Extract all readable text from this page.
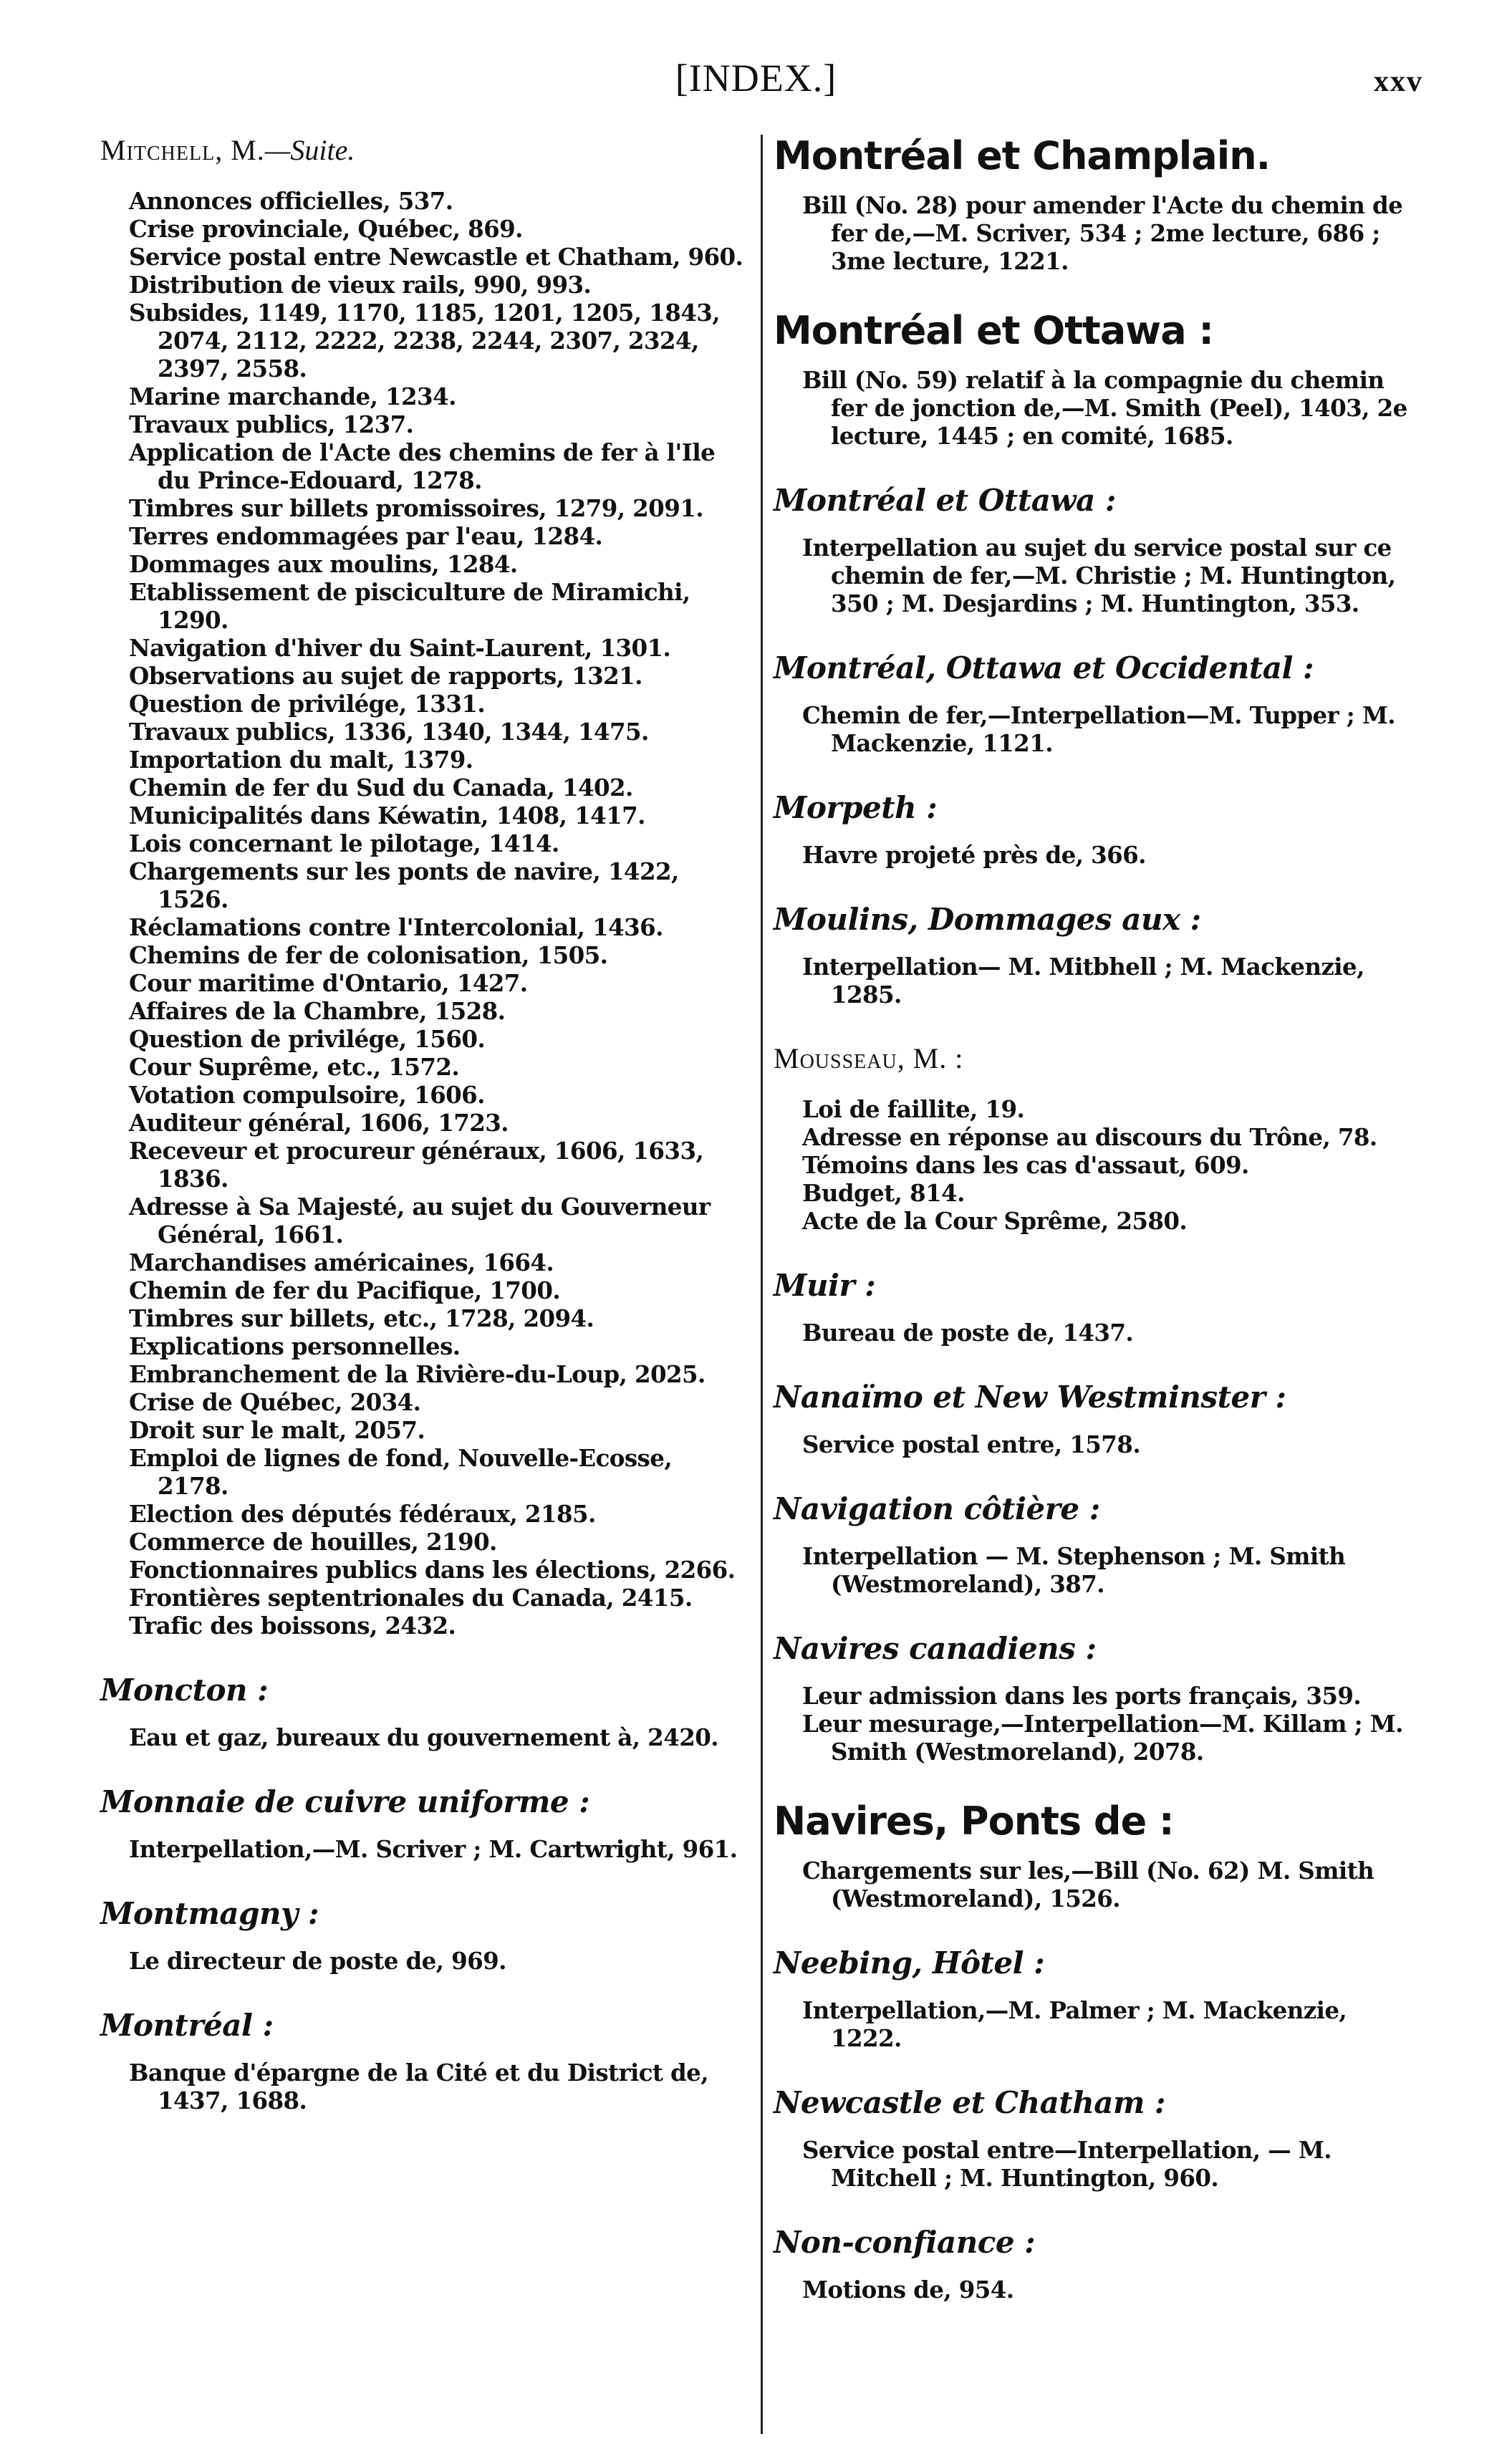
[INDEX.]	xxv

Mitchell, M.—Suite.

Annonces officielles, 537.
Crise provinciale, Québec, 869.
Service postal entre Newcastle et Chatham, 960.
Distribution de vieux rails, 990, 993.
Subsides, 1149, 1170, 1185, 1201, 1205, 1843, 2074, 2112, 2222, 2238, 2244, 2307, 2324, 2397, 2558.
Marine marchande, 1234.
Travaux publics, 1237.
Application de l'Acte des chemins de fer à l'Ile du Prince-Edouard, 1278.
Timbres sur billets promissoires, 1279, 2091.
Terres endommagées par l'eau, 1284.
Dommages aux moulins, 1284.
Etablissement de pisciculture de Miramichi, 1290.
Navigation d'hiver du Saint-Laurent, 1301.
Observations au sujet de rapports, 1321.
Question de privilége, 1331.
Travaux publics, 1336, 1340, 1344, 1475.
Importation du malt, 1379.
Chemin de fer du Sud du Canada, 1402.
Municipalités dans Kéwatin, 1408, 1417.
Lois concernant le pilotage, 1414.
Chargements sur les ponts de navire, 1422, 1526.
Réclamations contre l'Intercolonial, 1436.
Chemins de fer de colonisation, 1505.
Cour maritime d'Ontario, 1427.
Affaires de la Chambre, 1528.
Question de privilége, 1560.
Cour Suprême, etc., 1572.
Votation compulsoire, 1606.
Auditeur général, 1606, 1723.
Receveur et procureur généraux, 1606, 1633, 1836.
Adresse à Sa Majesté, au sujet du Gouverneur Général, 1661.
Marchandises américaines, 1664.
Chemin de fer du Pacifique, 1700.
Timbres sur billets, etc., 1728, 2094.
Explications personnelles.
Embranchement de la Rivière-du-Loup, 2025.
Crise de Québec, 2034.
Droit sur le malt, 2057.
Emploi de lignes de fond, Nouvelle-Ecosse, 2178.
Election des députés fédéraux, 2185.
Commerce de houilles, 2190.
Fonctionnaires publics dans les élections, 2266.
Frontières septentrionales du Canada, 2415.
Trafic des boissons, 2432.

Moncton :

Eau et gaz, bureaux du gouvernement à, 2420.

Monnaie de cuivre uniforme :

Interpellation,—M. Scriver ; M. Cartwright, 961.

Montmagny :

Le directeur de poste de, 969.

Montréal :

Banque d'épargne de la Cité et du District de, 1437, 1688.

Montréal et Champlain.

Bill (No. 28) pour amender l'Acte du chemin de fer de,—M. Scriver, 534 ; 2me lecture, 686 ; 3me lecture, 1221.

Montréal et Ottawa :

Bill (No. 59) relatif à la compagnie du chemin fer de jonction de,—M. Smith (Peel), 1403, 2e lecture, 1445 ; en comité, 1685.

Montréal et Ottawa :

Interpellation au sujet du service postal sur ce chemin de fer,—M. Christie ; M. Huntington, 350 ; M. Desjardins ; M. Huntington, 353.

Montréal, Ottawa et Occidental :

Chemin de fer,—Interpellation—M. Tupper ; M. Mackenzie, 1121.

Morpeth :

Havre projeté près de, 366.

Moulins, Dommages aux :

Interpellation— M. Mitbhell ; M. Mackenzie, 1285.

Mousseau, M. :

Loi de faillite, 19.
Adresse en réponse au discours du Trône, 78.
Témoins dans les cas d'assaut, 609.
Budget, 814.
Acte de la Cour Sprême, 2580.

Muir :

Bureau de poste de, 1437.

Nanaïmo et New Westminster :

Service postal entre, 1578.

Navigation côtière :

Interpellation — M. Stephenson ; M. Smith (Westmoreland), 387.

Navires canadiens :

Leur admission dans les ports français, 359.
Leur mesurage,—Interpellation—M. Killam ; M. Smith (Westmoreland), 2078.

Navires, Ponts de :

Chargements sur les,—Bill (No. 62) M. Smith (Westmoreland), 1526.

Neebing, Hôtel :

Interpellation,—M. Palmer ; M. Mackenzie, 1222.

Newcastle et Chatham :

Service postal entre—Interpellation, — M. Mitchell ; M. Huntington, 960.

Non-confiance :

Motions de, 954.
